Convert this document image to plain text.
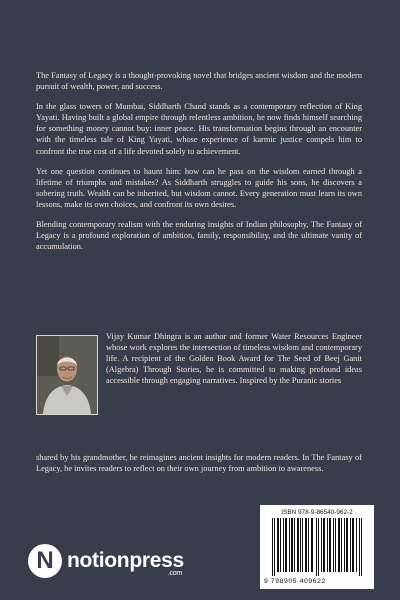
The Fantasy of Legacy is a thought-provoking novel that bridges ancient wisdom and the modern pursuit of wealth, power, and success.

In the glass towers of Mumbai, Siddharth Chand stands as a contemporary reflection of King Yayati. Having built a global empire through relentless ambition, he now finds himself searching for something money cannot buy: inner peace. His transformation begins through an encounter with the timeless tale of King Yayati, whose experience of karmic justice compels him to confront the true cost of a life devoted solely to achievement.

Yet one question continues to haunt him: how can he pass on the wisdom earned through a lifetime of triumphs and mistakes? As Siddharth struggles to guide his sons, he discovers a sobering truth. Wealth can be inherited, but wisdom cannot. Every generation must learn its own lessons, make its own choices, and confront its own desires.

Blending contemporary realism with the enduring insights of Indian philosophy, The Fantasy of Legacy is a profound exploration of ambition, family, responsibility, and the ultimate vanity of accumulation.

Vijay Kumar Dhingra is an author and former Water Resources Engineer whose work explores the intersection of timeless wisdom and contemporary life. A recipient of the Golden Book Award for The Seed of Beej Ganit (Algebra) Through Stories, he is committed to making profound ideas accessible through engaging narratives. Inspired by the Puranic stories

shared by his grandmother, he reimagines ancient insights for modern readers. In The Fantasy of Legacy, he invites readers to reflect on their own journey from ambition to awareness.

N notionpress
.com
ISBN 978-9-86540-962-2
9 798905 409622
